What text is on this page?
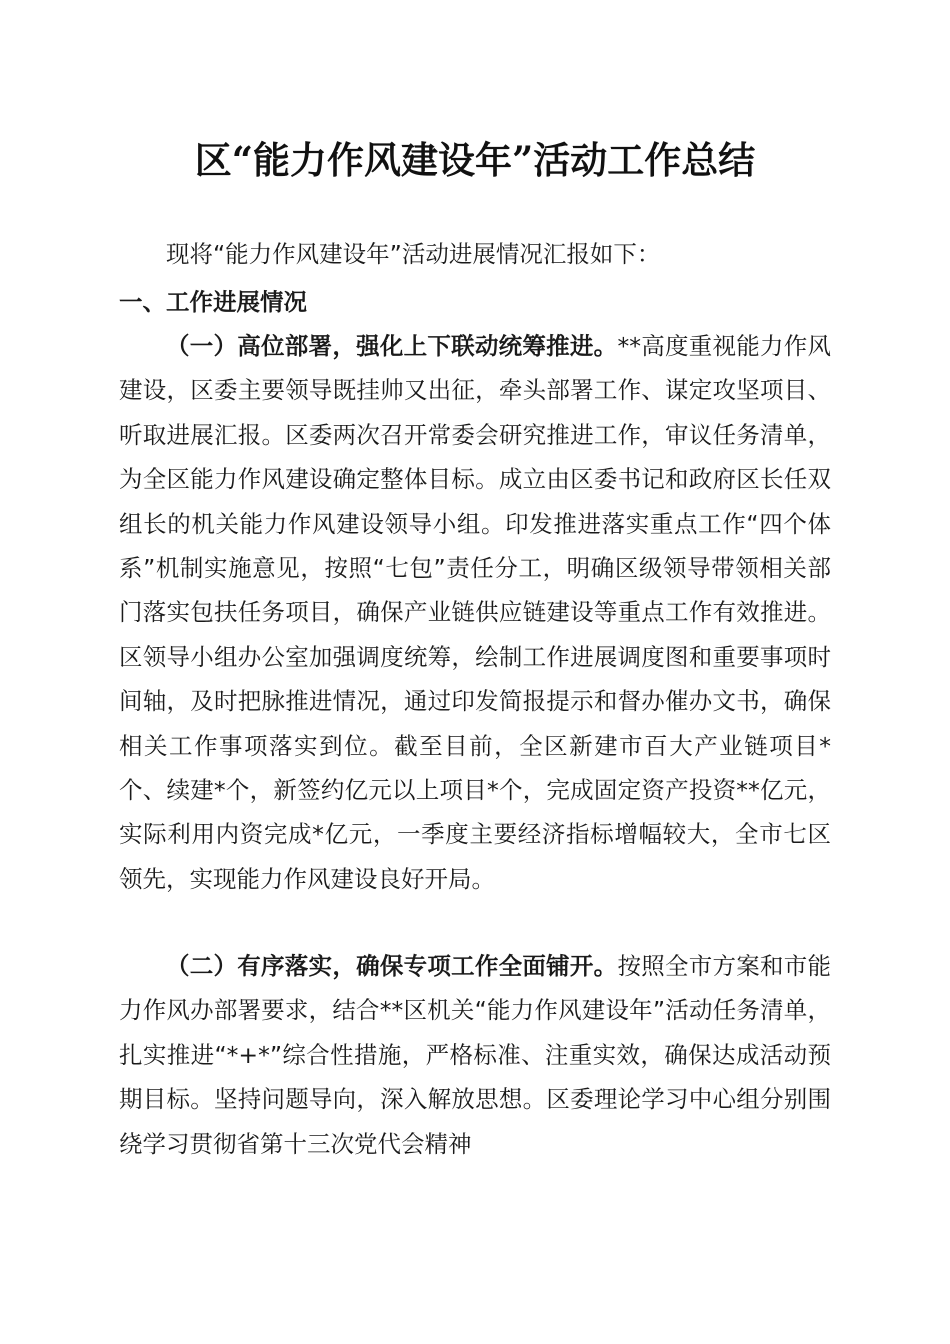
区“能力作风建设年”活动工作总结
现将“能力作风建设年”活动进展情况汇报如下：
一、工作进展情况
（一）高位部署，强化上下联动统筹推进。**高度重视能力作风建设，区委主要领导既挂帅又出征，牵头部署工作、谋定攻坚项目、听取进展汇报。区委两次召开常委会研究推进工作，审议任务清单，为全区能力作风建设确定整体目标。成立由区委书记和政府区长任双组长的机关能力作风建设领导小组。印发推进落实重点工作“四个体系”机制实施意见，按照“七包”责任分工，明确区级领导带领相关部门落实包扶任务项目，确保产业链供应链建设等重点工作有效推进。区领导小组办公室加强调度统筹，绘制工作进展调度图和重要事项时间轴，及时把脉推进情况，通过印发简报提示和督办催办文书，确保相关工作事项落实到位。截至目前，全区新建市百大产业链项目*个、续建*个，新签约亿元以上项目*个，完成固定资产投资**亿元，实际利用内资完成*亿元，一季度主要经济指标增幅较大，全市七区领先，实现能力作风建设良好开局。
（二）有序落实，确保专项工作全面铺开。按照全市方案和市能力作风办部署要求，结合**区机关“能力作风建设年”活动任务清单，扎实推进“*+*”综合性措施，严格标准、注重实效，确保达成活动预期目标。坚持问题导向，深入解放思想。区委理论学习中心组分别围绕学习贯彻省第十三次党代会精神
